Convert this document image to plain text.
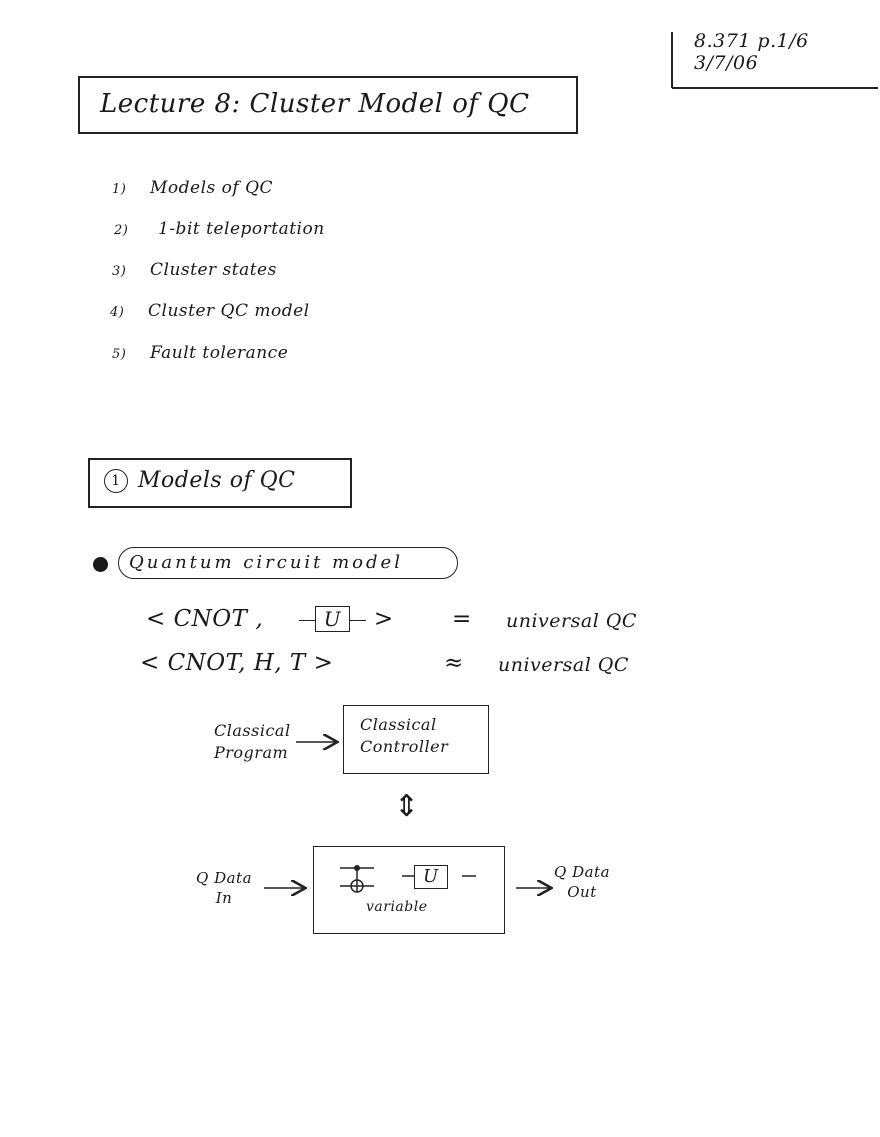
8.371 p.1/6
3/7/06
Lecture 8: Cluster Model of QC
1) Models of QC
2) 1-bit teleportation
3) Cluster states
4) Cluster QC model
5) Fault tolerance
1 Models of QC
Quantum circuit model
< CNOT ,	U >	= universal QC
< CNOT, H, T >	≈ universal QC
Classical
Program
Classical Controller
⇕
U
variable
Q Data
In
Q Data
Out
